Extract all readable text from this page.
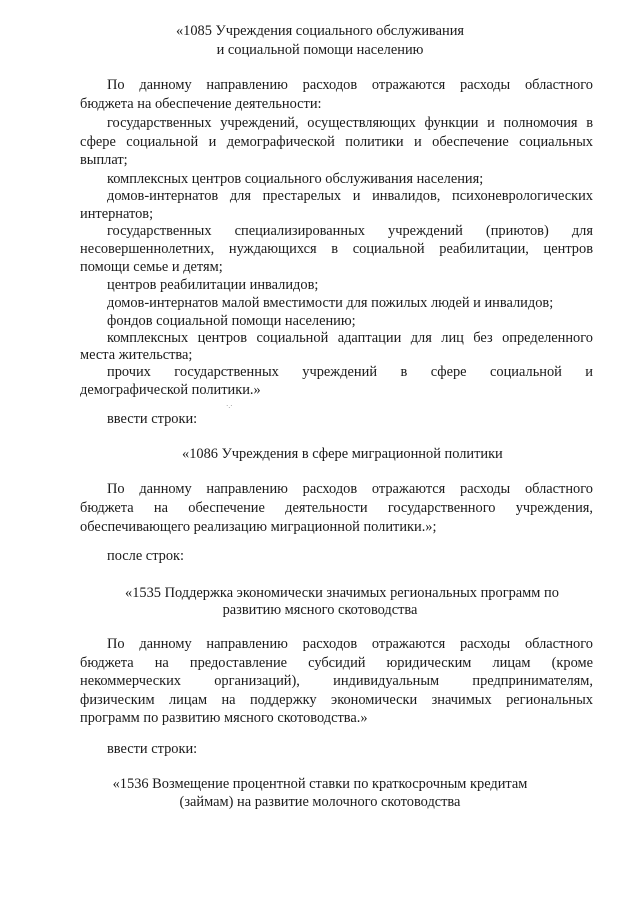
«1085 Учреждения социального обслуживания
и социальной помощи населению
По данному направлению расходов отражаются расходы областного
бюджета на обеспечение деятельности:
государственных учреждений, осуществляющих функции и полномочия в
сфере социальной и демографической политики и обеспечение социальных
выплат;
комплексных центров социального обслуживания населения;
домов-интернатов для престарелых и инвалидов, психоневрологических
интернатов;
государственных специализированных учреждений (приютов) для
несовершеннолетних, нуждающихся в социальной реабилитации, центров
помощи семье и детям;
центров реабилитации инвалидов;
домов-интернатов малой вместимости для пожилых людей и инвалидов;
фондов социальной помощи населению;
комплексных центров социальной адаптации для лиц без определенного
места жительства;
прочих государственных учреждений в сфере социальной и
демографической политики.»
·.·
ввести строки:
«1086 Учреждения в сфере миграционной политики
По данному направлению расходов отражаются расходы областного
бюджета на обеспечение деятельности государственного учреждения,
обеспечивающего реализацию миграционной политики.»;
после строк:
«1535 Поддержка экономически значимых региональных программ по
развитию мясного скотоводства
По данному направлению расходов отражаются расходы областного
бюджета на предоставление субсидий юридическим лицам (кроме
некоммерческих организаций), индивидуальным предпринимателям,
физическим лицам на поддержку экономически значимых региональных
программ по развитию мясного скотоводства.»
ввести строки:
«1536 Возмещение процентной ставки по краткосрочным кредитам
(займам) на развитие молочного скотоводства
